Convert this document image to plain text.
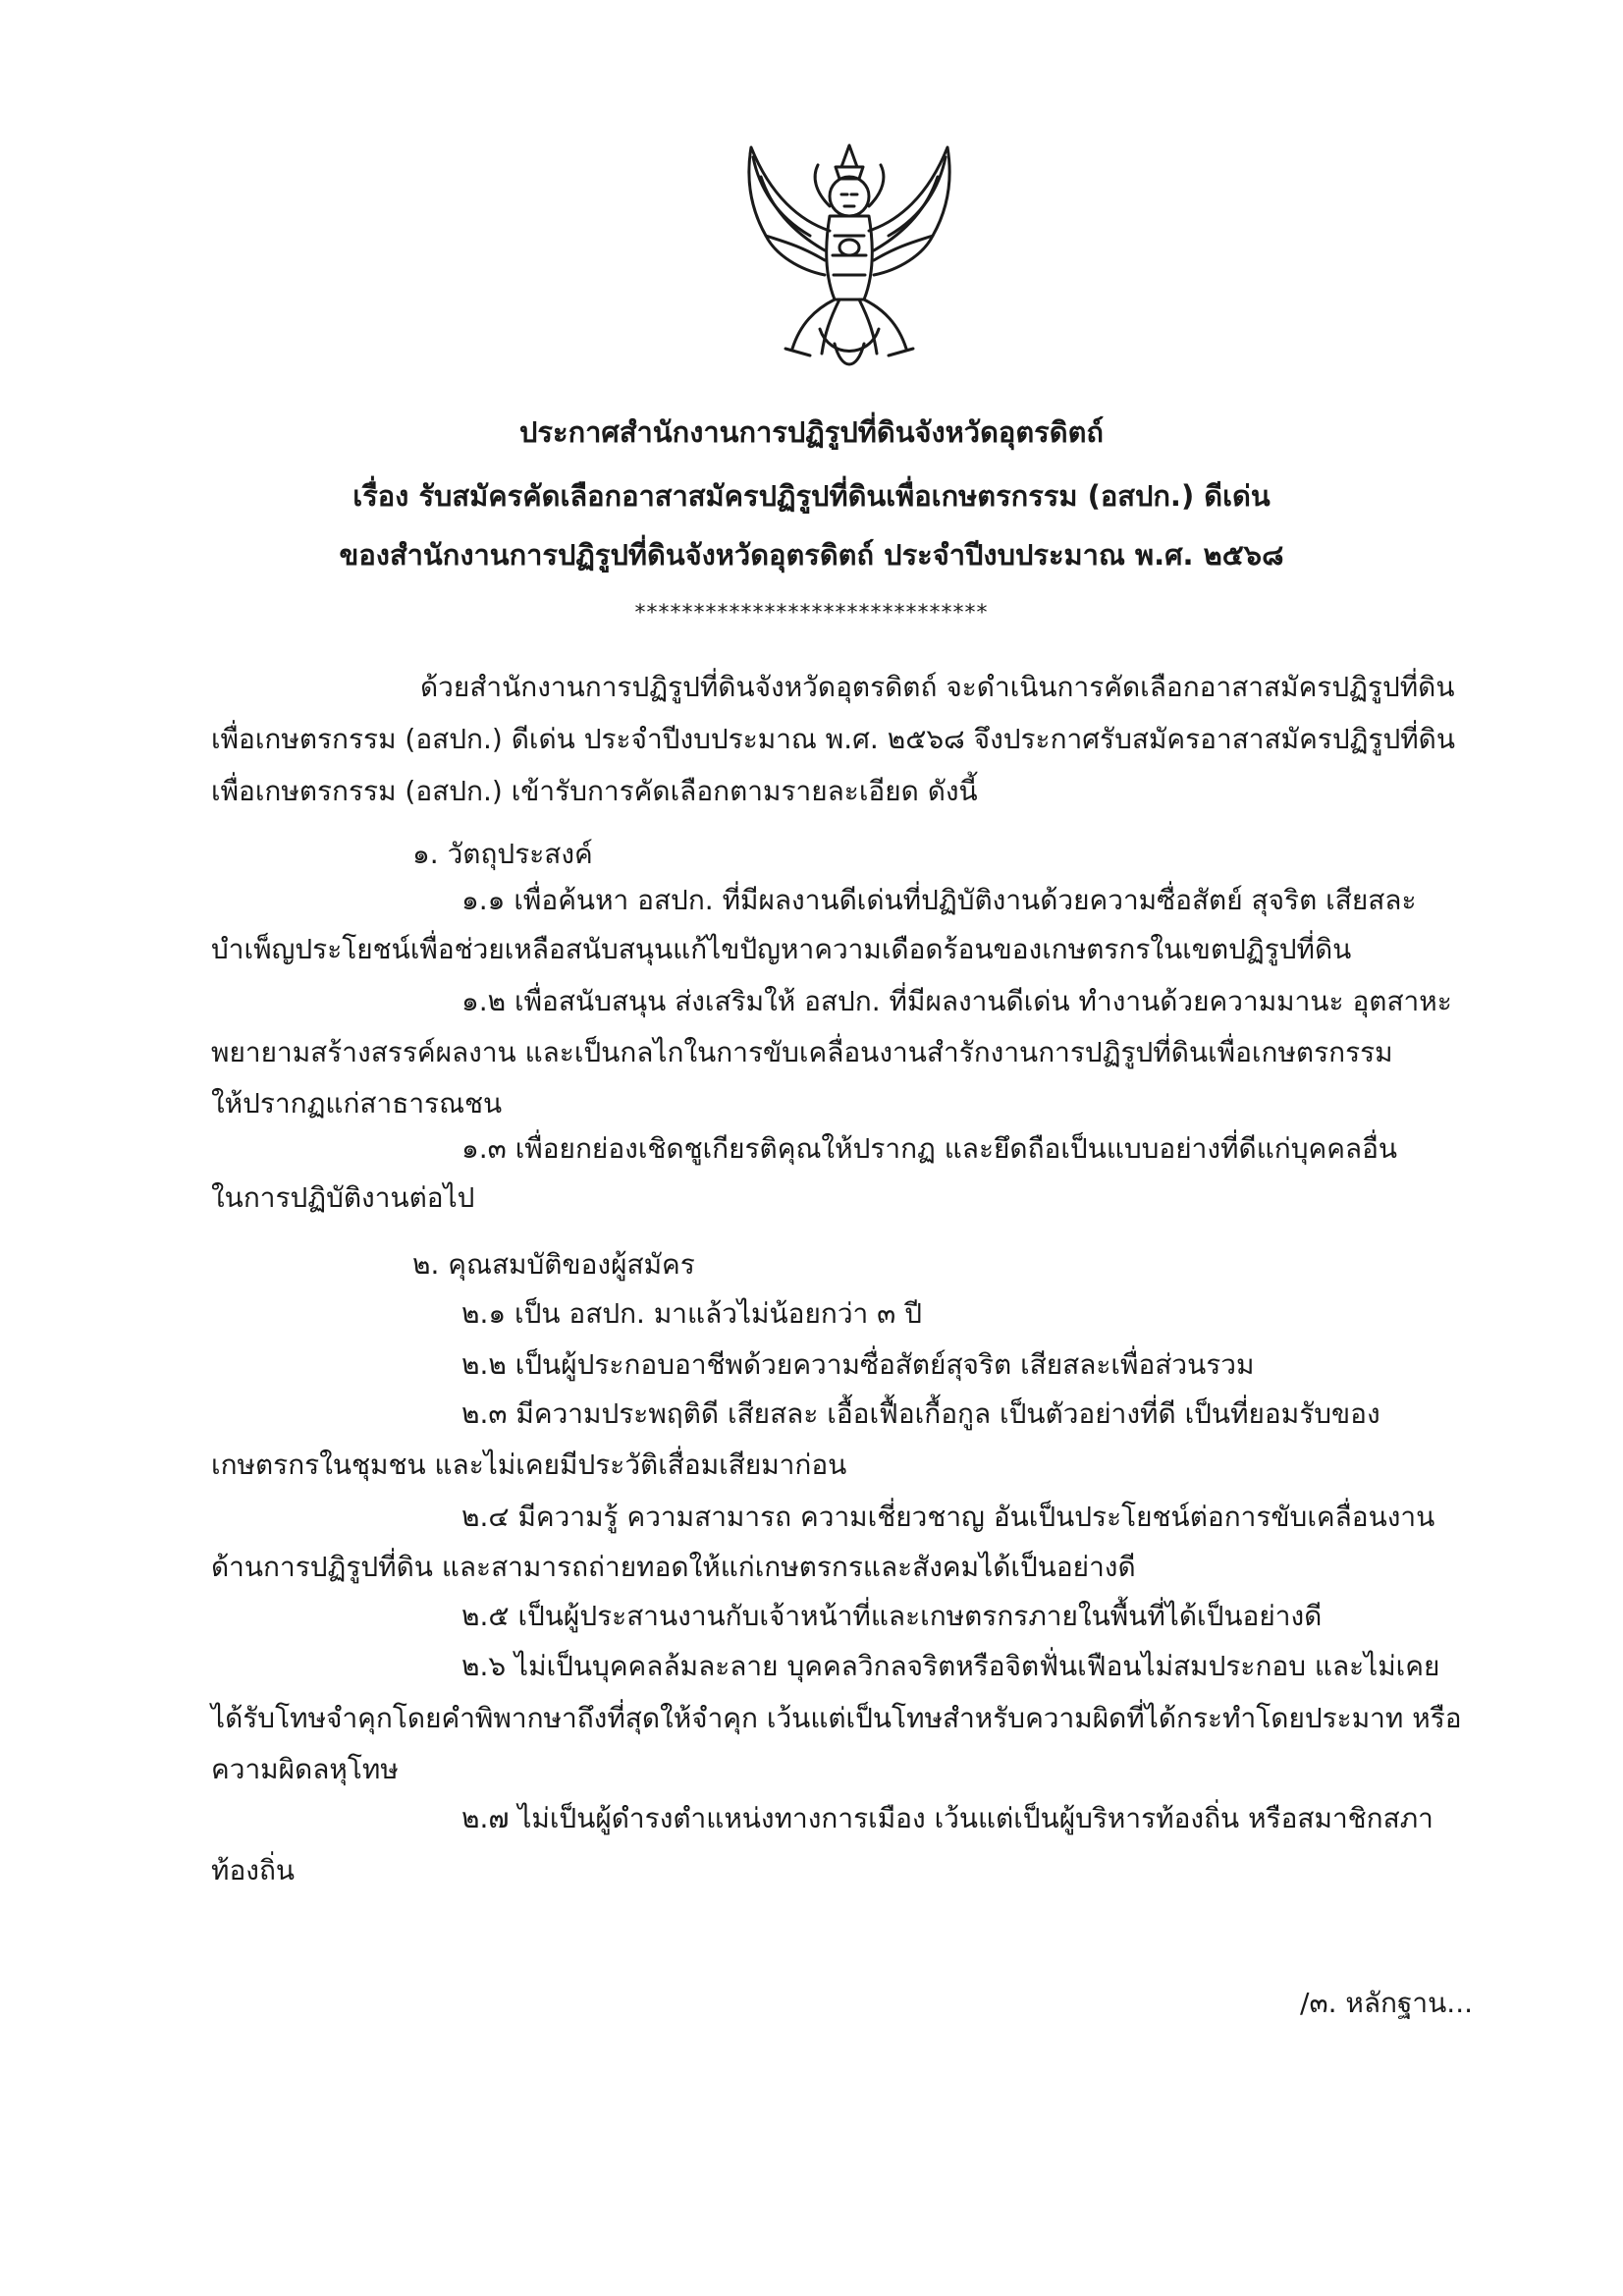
ประกาศสำนักงานการปฏิรูปที่ดินจังหวัดอุตรดิตถ์

เรื่อง รับสมัครคัดเลือกอาสาสมัครปฏิรูปที่ดินเพื่อเกษตรกรรม (อสปก.) ดีเด่น

ของสำนักงานการปฏิรูปที่ดินจังหวัดอุตรดิตถ์ ประจำปีงบประมาณ พ.ศ. ๒๕๖๘

******************************

ด้วยสำนักงานการปฏิรูปที่ดินจังหวัดอุตรดิตถ์ จะดำเนินการคัดเลือกอาสาสมัครปฏิรูปที่ดิน

เพื่อเกษตรกรรม (อสปก.) ดีเด่น ประจำปีงบประมาณ พ.ศ. ๒๕๖๘ จึงประกาศรับสมัครอาสาสมัครปฏิรูปที่ดิน

เพื่อเกษตรกรรม (อสปก.) เข้ารับการคัดเลือกตามรายละเอียด ดังนี้

๑. วัตถุประสงค์

๑.๑ เพื่อค้นหา อสปก. ที่มีผลงานดีเด่นที่ปฏิบัติงานด้วยความซื่อสัตย์ สุจริต เสียสละ

บำเพ็ญประโยชน์เพื่อช่วยเหลือสนับสนุนแก้ไขปัญหาความเดือดร้อนของเกษตรกรในเขตปฏิรูปที่ดิน

๑.๒ เพื่อสนับสนุน ส่งเสริมให้ อสปก. ที่มีผลงานดีเด่น ทำงานด้วยความมานะ อุตสาหะ

พยายามสร้างสรรค์ผลงาน และเป็นกลไกในการขับเคลื่อนงานสำรักงานการปฏิรูปที่ดินเพื่อเกษตรกรรม

ให้ปรากฏแก่สาธารณชน

๑.๓ เพื่อยกย่องเชิดชูเกียรติคุณให้ปรากฏ และยึดถือเป็นแบบอย่างที่ดีแก่บุคคลอื่น

ในการปฏิบัติงานต่อไป

๒. คุณสมบัติของผู้สมัคร

๒.๑ เป็น อสปก. มาแล้วไม่น้อยกว่า ๓ ปี

๒.๒ เป็นผู้ประกอบอาชีพด้วยความซื่อสัตย์สุจริต เสียสละเพื่อส่วนรวม

๒.๓ มีความประพฤติดี เสียสละ เอื้อเฟื้อเกื้อกูล เป็นตัวอย่างที่ดี เป็นที่ยอมรับของ

เกษตรกรในชุมชน และไม่เคยมีประวัติเสื่อมเสียมาก่อน

๒.๔ มีความรู้ ความสามารถ ความเชี่ยวชาญ อันเป็นประโยชน์ต่อการขับเคลื่อนงาน

ด้านการปฏิรูปที่ดิน และสามารถถ่ายทอดให้แก่เกษตรกรและสังคมได้เป็นอย่างดี

๒.๕ เป็นผู้ประสานงานกับเจ้าหน้าที่และเกษตรกรภายในพื้นที่ได้เป็นอย่างดี

๒.๖ ไม่เป็นบุคคลล้มละลาย บุคคลวิกลจริตหรือจิตฟั่นเฟือนไม่สมประกอบ และไม่เคย

ได้รับโทษจำคุกโดยคำพิพากษาถึงที่สุดให้จำคุก เว้นแต่เป็นโทษสำหรับความผิดที่ได้กระทำโดยประมาท หรือ

ความผิดลหุโทษ

๒.๗ ไม่เป็นผู้ดำรงตำแหน่งทางการเมือง เว้นแต่เป็นผู้บริหารท้องถิ่น หรือสมาชิกสภา

ท้องถิ่น

/๓. หลักฐาน...
